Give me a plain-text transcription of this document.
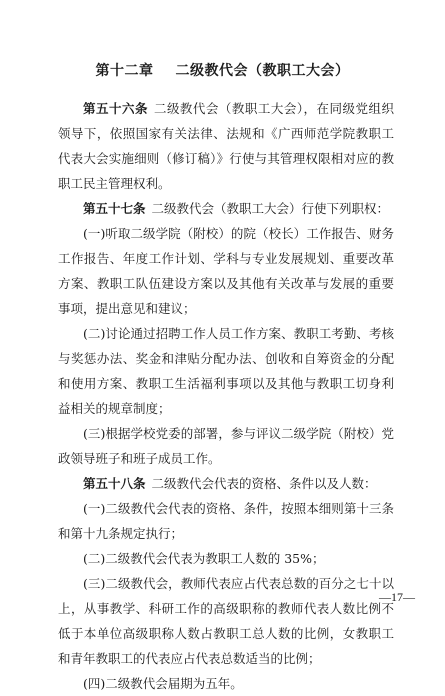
第十二章 二级教代会（教职工大会）

第五十六条 二级教代会（教职工大会），在同级党组织领导下，依照国家有关法律、法规和《广西师范学院教职工代表大会实施细则（修订稿）》行使与其管理权限相对应的教职工民主管理权利。

第五十七条 二级教代会（教职工大会）行使下列职权：

(一)听取二级学院（附校）的院（校长）工作报告、财务工作报告、年度工作计划、学科与专业发展规划、重要改革方案、教职工队伍建设方案以及其他有关改革与发展的重要事项，提出意见和建议；

(二)讨论通过招聘工作人员工作方案、教职工考勤、考核与奖惩办法、奖金和津贴分配办法、创收和自筹资金的分配和使用方案、教职工生活福利事项以及其他与教职工切身利益相关的规章制度；

(三)根据学校党委的部署，参与评议二级学院（附校）党政领导班子和班子成员工作。

第五十八条 二级教代会代表的资格、条件以及人数：

(一)二级教代会代表的资格、条件，按照本细则第十三条和第十九条规定执行；

(二)二级教代会代表为教职工人数的 35%；

(三)二级教代会，教师代表应占代表总数的百分之七十以上，从事教学、科研工作的高级职称的教师代表人数比例不低于本单位高级职称人数占教职工总人数的比例，女教职工和青年教职工的代表应占代表总数适当的比例；

(四)二级教代会届期为五年。

—17—
